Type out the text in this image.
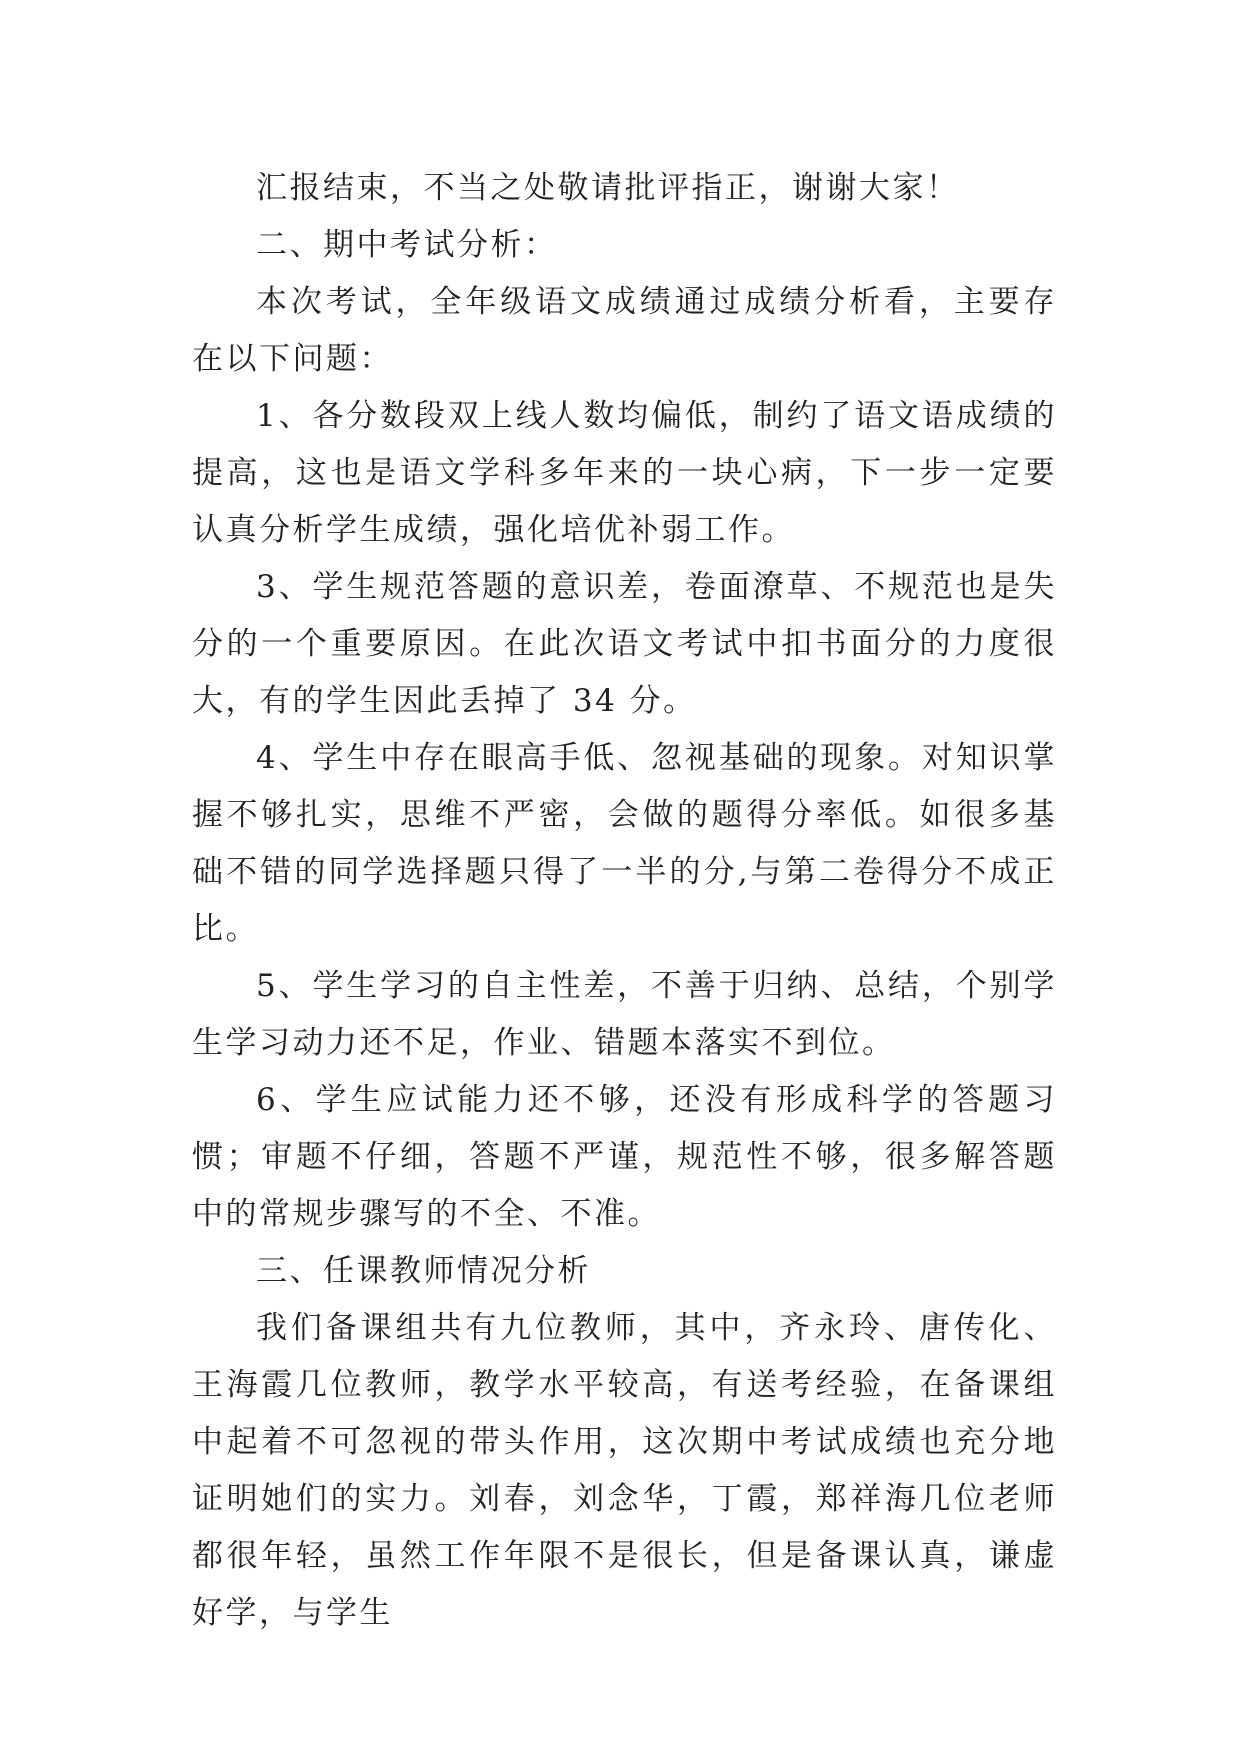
汇报结束，不当之处敬请批评指正，谢谢大家！

二、期中考试分析：

本次考试，全年级语文成绩通过成绩分析看，主要存在以下问题：

1、各分数段双上线人数均偏低，制约了语文语成绩的提高，这也是语文学科多年来的一块心病，下一步一定要认真分析学生成绩，强化培优补弱工作。

3、学生规范答题的意识差，卷面潦草、不规范也是失分的一个重要原因。在此次语文考试中扣书面分的力度很大，有的学生因此丢掉了 34 分。

4、学生中存在眼高手低、忽视基础的现象。对知识掌握不够扎实，思维不严密，会做的题得分率低。如很多基础不错的同学选择题只得了一半的分,与第二卷得分不成正比。

5、学生学习的自主性差，不善于归纳、总结，个别学生学习动力还不足，作业、错题本落实不到位。

6、学生应试能力还不够，还没有形成科学的答题习惯；审题不仔细，答题不严谨，规范性不够，很多解答题中的常规步骤写的不全、不准。

三、任课教师情况分析

我们备课组共有九位教师，其中，齐永玲、唐传化、王海霞几位教师，教学水平较高，有送考经验，在备课组中起着不可忽视的带头作用，这次期中考试成绩也充分地证明她们的实力。刘春，刘念华，丁霞，郑祥海几位老师都很年轻，虽然工作年限不是很长，但是备课认真，谦虚好学，与学生
